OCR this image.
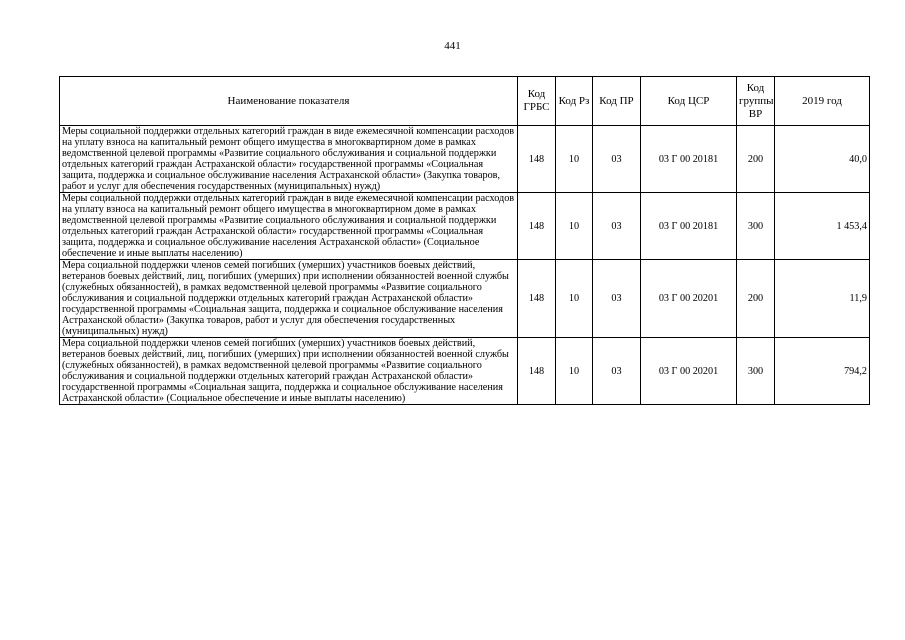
441
Наименование показателя	Код ГРБС	Код Рз	Код ПР	Код ЦСР	Код группы ВР	2019 год
Меры социальной поддержки отдельных категорий граждан в виде ежемесячной компенсации расходов на уплату взноса на капитальный ремонт общего имущества в многоквартирном доме в рамках ведомственной целевой программы «Развитие социального обслуживания и социальной поддержки отдельных категорий граждан Астраханской области» государственной программы «Социальная защита, поддержка и социальное обслуживание населения Астраханской области» (Закупка товаров, работ и услуг для обеспечения государственных (муниципальных) нужд)	148	10	03	03 Г 00 20181	200	40,0
Меры социальной поддержки отдельных категорий граждан в виде ежемесячной компенсации расходов на уплату взноса на капитальный ремонт общего имущества в многоквартирном доме в рамках ведомственной целевой программы «Развитие социального обслуживания и социальной поддержки отдельных категорий граждан Астраханской области» государственной программы «Социальная защита, поддержка и социальное обслуживание населения Астраханской области» (Социальное обеспечение и иные выплаты населению)	148	10	03	03 Г 00 20181	300	1 453,4
Мера социальной поддержки членов семей погибших (умерших) участников боевых действий, ветеранов боевых действий, лиц, погибших (умерших) при исполнении обязанностей военной службы (служебных обязанностей), в рамках ведомственной целевой программы «Развитие социального обслуживания и социальной поддержки отдельных категорий граждан Астраханской области» государственной программы «Социальная защита, поддержка и социальное обслуживание населения Астраханской области» (Закупка товаров, работ и услуг для обеспечения государственных (муниципальных) нужд)	148	10	03	03 Г 00 20201	200	11,9
Мера социальной поддержки членов семей погибших (умерших) участников боевых действий, ветеранов боевых действий, лиц, погибших (умерших) при исполнении обязанностей военной службы (служебных обязанностей), в рамках ведомственной целевой программы «Развитие социального обслуживания и социальной поддержки отдельных категорий граждан Астраханской области» государственной программы «Социальная защита, поддержка и социальное обслуживание населения Астраханской области» (Социальное обеспечение и иные выплаты населению)	148	10	03	03 Г 00 20201	300	794,2
